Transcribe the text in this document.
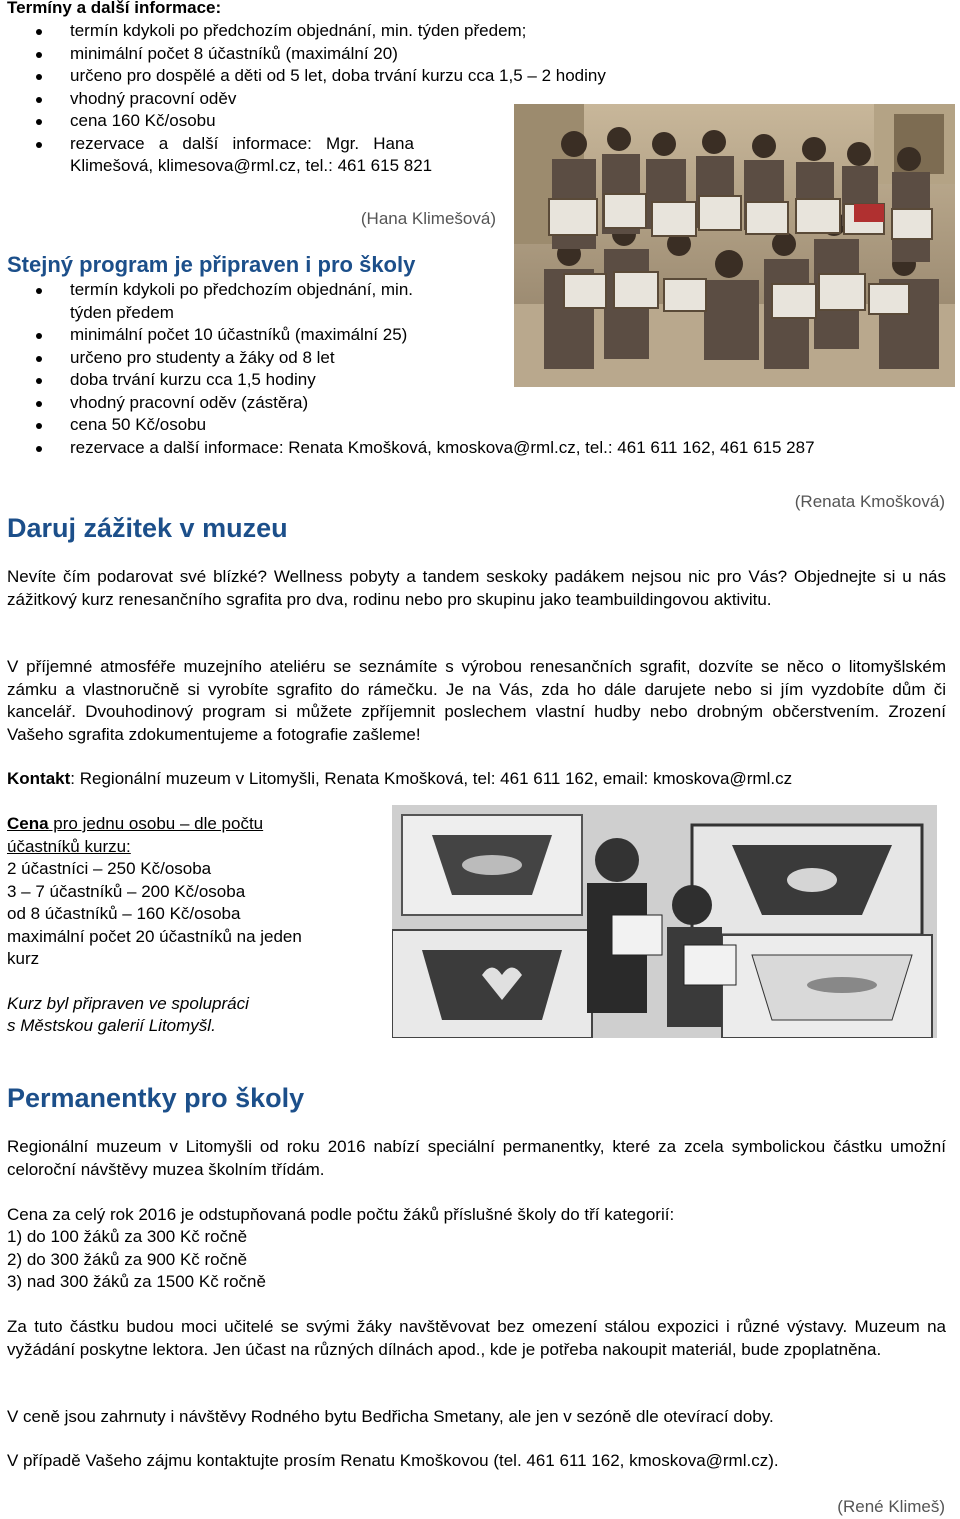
Termíny a další informace:
termín kdykoli po předchozím objednání, min. týden předem;
minimální počet 8 účastníků (maximální 20)
určeno pro dospělé a děti od 5 let, doba trvání kurzu cca 1,5 – 2 hodiny
vhodný pracovní oděv
cena 160 Kč/osobu
rezervace   a   další   informace:   Mgr.   Hana
Klimešová, klimesova@rml.cz, tel.: 461 615 821
(Hana Klimešová)
Stejný program je připraven i pro školy
termín kdykoli po předchozím objednání, min.
týden předem
minimální počet 10 účastníků (maximální 25)
určeno pro studenty a žáky od 8 let
doba trvání kurzu cca 1,5 hodiny
vhodný pracovní oděv (zástěra)
cena 50 Kč/osobu
rezervace a další informace: Renata Kmošková, kmoskova@rml.cz, tel.: 461 611 162, 461 615 287
(Renata Kmošková)
Daruj zážitek v muzeu

Nevíte čím podarovat své blízké? Wellness pobyty a tandem seskoky padákem nejsou nic pro Vás? Objednejte si u nás zážitkový kurz renesančního sgrafita pro dva, rodinu nebo pro skupinu jako teambuildingovou aktivitu.

V příjemné atmosféře muzejního ateliéru se seznámíte s výrobou renesančních sgrafit, dozvíte se něco o litomyšlském zámku a vlastnoručně si vyrobíte sgrafito do rámečku. Je na Vás, zda ho dále darujete nebo si jím vyzdobíte dům či kancelář. Dvouhodinový program si můžete zpříjemnit poslechem vlastní hudby nebo drobným občerstvením. Zrození Vašeho sgrafita zdokumentujeme a fotografie zašleme!

Kontakt: Regionální muzeum v Litomyšli, Renata Kmošková, tel: 461 611 162, email: kmoskova@rml.cz

Cena pro jednu osobu – dle počtu
účastníků kurzu:
2 účastníci – 250 Kč/osoba
3 – 7 účastníků – 200 Kč/osoba
od 8 účastníků – 160 Kč/osoba
maximální počet 20 účastníků na jeden
kurz
Kurz byl připraven ve spolupráci
s Městskou galerií Litomyšl.
Permanentky pro školy

Regionální muzeum v Litomyšli od roku 2016 nabízí speciální permanentky, které za zcela symbolickou částku umožní celoroční návštěvy muzea školním třídám.

Cena za celý rok 2016 je odstupňovaná podle počtu žáků příslušné školy do tří kategorií:

1) do 100 žáků za 300 Kč ročně
2) do 300 žáků za 900 Kč ročně
3) nad 300 žáků za 1500 Kč ročně

Za tuto částku budou moci učitelé se svými žáky navštěvovat bez omezení stálou expozici i různé výstavy. Muzeum na vyžádání poskytne lektora. Jen účast na různých dílnách apod., kde je potřeba nakoupit materiál, bude zpoplatněna.

V ceně jsou zahrnuty i návštěvy Rodného bytu Bedřicha Smetany, ale jen v sezóně dle otevírací doby.

V případě Vašeho zájmu kontaktujte prosím Renatu Kmoškovou (tel. 461 611 162, kmoskova@rml.cz).

(René Klimeš)
